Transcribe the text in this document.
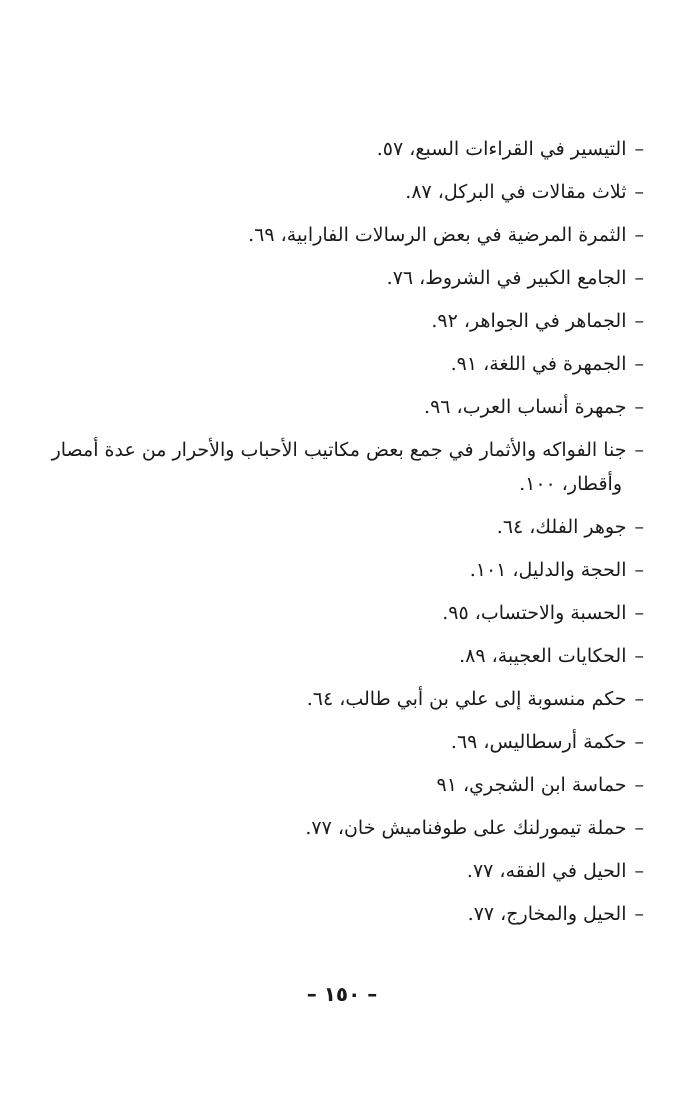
–التيسير في القراءات السبع، ٥٧.
–ثلاث مقالات في البركل، ٨٧.
–الثمرة المرضية في بعض الرسالات الفارابية، ٦٩.
–الجامع الكبير في الشروط، ٧٦.
–الجماهر في الجواهر، ٩٢.
–الجمهرة في اللغة، ٩١.
–جمهرة أنساب العرب، ٩٦.
–جنا الفواكه والأثمار في جمع بعض مكاتيب الأحباب والأحرار من عدة أمصار
وأقطار، ١٠٠.
–جوهر الفلك، ٦٤.
–الحجة والدليل، ١٠١.
–الحسبة والاحتساب، ٩٥.
–الحكايات العجيبة، ٨٩.
–حكم منسوبة إلى علي بن أبي طالب، ٦٤.
–حكمة أرسطاليس، ٦٩.
–حماسة ابن الشجري، ٩١
–حملة تيمورلنك على طوفناميش خان، ٧٧.
–الحيل في الفقه، ٧٧.
–الحيل والمخارج، ٧٧.
– ١٥٠ –
